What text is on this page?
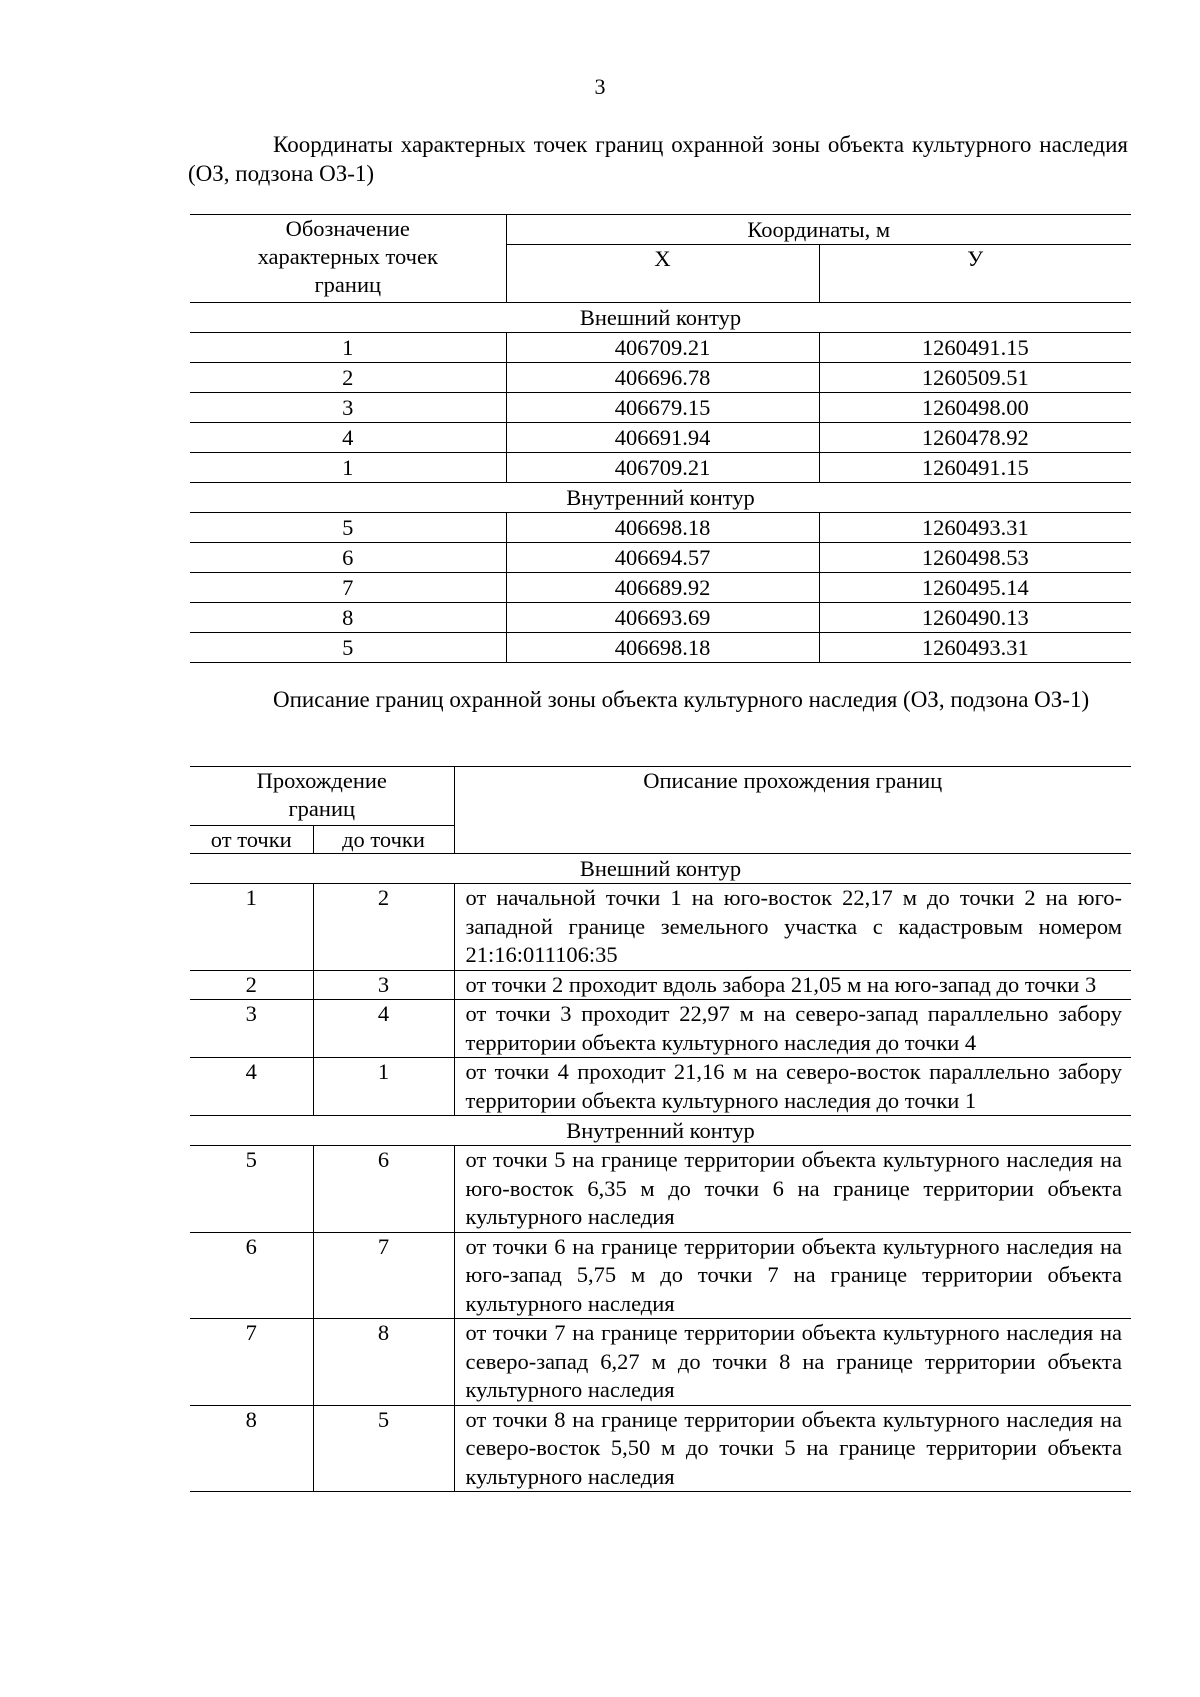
3

Координаты характерных точек границ охранной зоны объекта культурного наследия (ОЗ, подзона ОЗ-1)

Обозначение характерных точек границ	Координаты, м	
	Х	У
Внешний контур		
1	406709.21	1260491.15
2	406696.78	1260509.51
3	406679.15	1260498.00
4	406691.94	1260478.92
1	406709.21	1260491.15
Внутренний контур		
5	406698.18	1260493.31
6	406694.57	1260498.53
7	406689.92	1260495.14
8	406693.69	1260490.13
5	406698.18	1260493.31

Описание границ охранной зоны объекта культурного наследия (ОЗ, подзона ОЗ-1)

Прохождение границ		Описание прохождения границ
от точки	до точки	
Внешний контур		
1	2	от начальной точки 1 на юго-восток 22,17 м до точки 2 на юго-западной границе земельного участка с кадастровым номером 21:16:011106:35
2	3	от точки 2 проходит вдоль забора 21,05 м на юго-запад до точки 3
3	4	от точки 3 проходит 22,97 м на северо-запад параллельно забору территории объекта культурного наследия до точки 4
4	1	от точки 4 проходит 21,16 м на северо-восток параллельно забору территории объекта культурного наследия до точки 1
Внутренний контур		
5	6	от точки 5 на границе территории объекта культурного наследия на юго-восток 6,35 м до точки 6 на границе территории объекта культурного наследия
6	7	от точки 6 на границе территории объекта культурного наследия на юго-запад 5,75 м до точки 7 на границе территории объекта культурного наследия
7	8	от точки 7 на границе территории объекта культурного наследия на северо-запад 6,27 м до точки 8 на границе территории объекта культурного наследия
8	5	от точки 8 на границе территории объекта культурного наследия на северо-восток 5,50 м до точки 5 на границе территории объекта культурного наследия
